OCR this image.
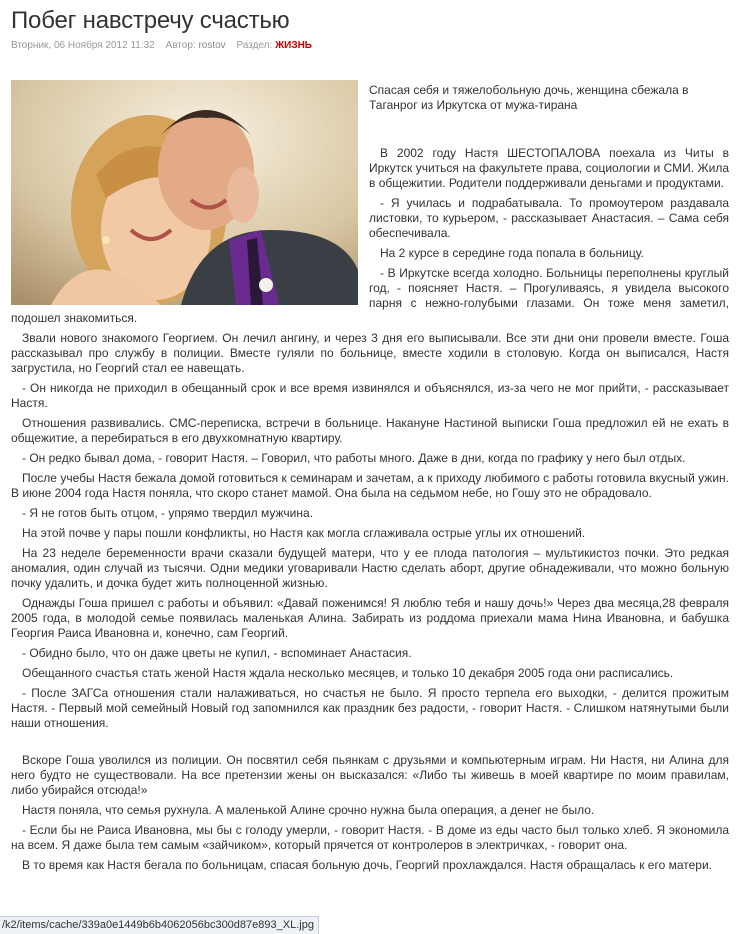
Побег навстречу счастью
Вторник, 06 Ноября 2012 11:32 Автор: rostov Раздел: ЖИЗНЬ
Спасая себя и тяжелобольную дочь, женщина сбежала в Таганрог из Иркутска от мужа-тирана

В 2002 году Настя ШЕСТОПАЛОВА поехала из Читы в Иркутск учиться на факультете права, социологии и СМИ. Жила в общежитии. Родители поддерживали деньгами и продуктами.

- Я училась и подрабатывала. То промоутером раздавала листовки, то курьером, - рассказывает Анастасия. – Сама себя обеспечивала.

На 2 курсе в середине года попала в больницу.

- В Иркутске всегда холодно. Больницы переполнены круглый год, - поясняет Настя. – Прогуливаясь, я увидела высокого парня с нежно-голубыми глазами. Он тоже меня заметил, подошел знакомиться.

Звали нового знакомого Георгием. Он лечил ангину, и через 3 дня его выписывали. Все эти дни они провели вместе. Гоша рассказывал про службу в полиции. Вместе гуляли по больнице, вместе ходили в столовую. Когда он выписался, Настя загрустила, но Георгий стал ее навещать.

- Он никогда не приходил в обещанный срок и все время извинялся и объяснялся, из-за чего не мог прийти, - рассказывает Настя.

Отношения развивались. СМС-переписка, встречи в больнице. Накануне Настиной выписки Гоша предложил ей не ехать в общежитие, а перебираться в его двухкомнатную квартиру.

- Он редко бывал дома, - говорит Настя. – Говорил, что работы много. Даже в дни, когда по графику у него был отдых.

После учебы Настя бежала домой готовиться к семинарам и зачетам, а к приходу любимого с работы готовила вкусный ужин. В июне 2004 года Настя поняла, что скоро станет мамой. Она была на седьмом небе, но Гошу это не обрадовало.

- Я не готов быть отцом, - упрямо твердил мужчина.

На этой почве у пары пошли конфликты, но Настя как могла сглаживала острые углы их отношений.

На 23 неделе беременности врачи сказали будущей матери, что у ее плода патология – мультикистоз почки. Это редкая аномалия, один случай из тысячи. Одни медики уговаривали Настю сделать аборт, другие обнадеживали, что можно больную почку удалить, и дочка будет жить полноценной жизнью.

Однажды Гоша пришел с работы и объявил: «Давай поженимся! Я люблю тебя и нашу дочь!» Через два месяца,28 февраля 2005 года, в молодой семье появилась маленькая Алина. Забирать из роддома приехали мама Нина Ивановна, и бабушка Георгия Раиса Ивановна и, конечно, сам Георгий.

- Обидно было, что он даже цветы не купил, - вспоминает Анастасия.

Обещанного счастья стать женой Настя ждала несколько месяцев, и только 10 декабря 2005 года они расписались.

- После ЗАГСа отношения стали налаживаться, но счастья не было. Я просто терпела его выходки, - делится прожитым Настя. - Первый мой семейный Новый год запомнился как праздник без радости, - говорит Настя. - Слишком натянутыми были наши отношения.

Вскоре Гоша уволился из полиции. Он посвятил себя пьянкам с друзьями и компьютерным играм. Ни Настя, ни Алина для него будто не существовали. На все претензии жены он высказался: «Либо ты живешь в моей квартире по моим правилам, либо убирайся отсюда!»

Настя поняла, что семья рухнула. А маленькой Алине срочно нужна была операция, а денег не было.

- Если бы не Раиса Ивановна, мы бы с голоду умерли, - говорит Настя. - В доме из еды часто был только хлеб. Я экономила на всем. Я даже была тем самым «зайчиком», который прячется от контролеров в электричках, - говорит она.

В то время как Настя бегала по больницам, спасая больную дочь, Георгий прохлаждался. Настя обращалась к его матери.

/k2/items/cache/339a0e1449b6b4062056bc300d87e893_XL.jpg
